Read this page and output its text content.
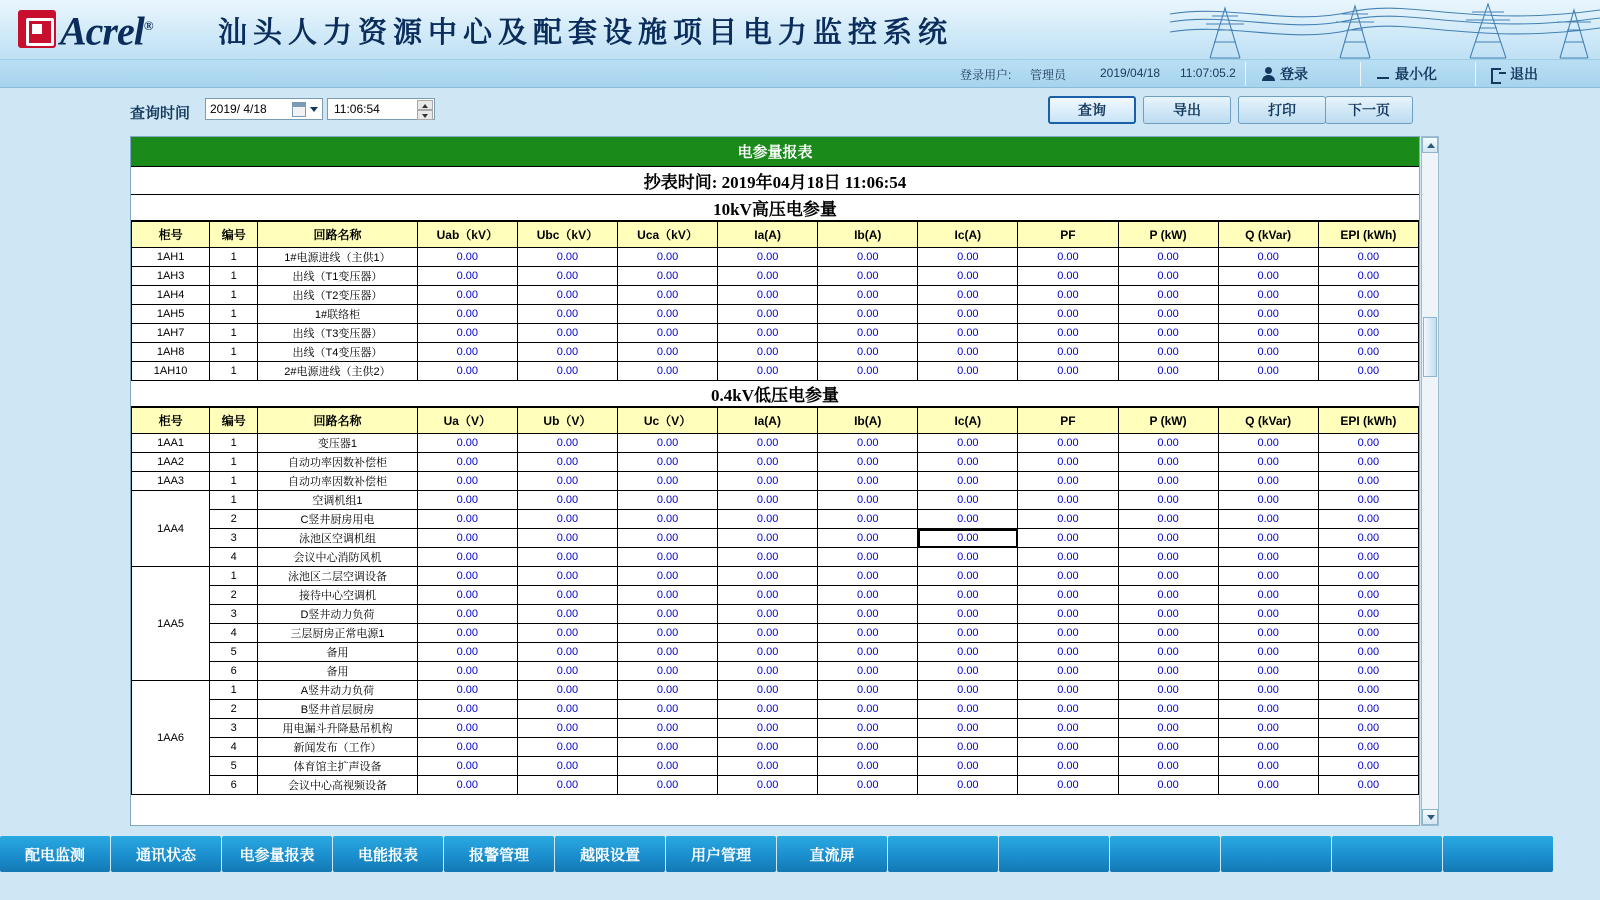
Acrel® 汕头人力资源中心及配套设施项目电力监控系统
登录用户: 管理员	2019/04/18 11:07:05.2	登录	最小化	退出
查询时间 2019/ 4/18	11:06:54	查询	导出	打印	下一页
电参量报表
抄表时间: 2019年04月18日 11:06:54
10kV高压电参量
柜号	编号	回路名称	Uab（kV）	Ubc（kV）	Uca（kV）	Ia(A)	Ib(A)	Ic(A)	PF	P (kW)	Q (kVar)	EPI (kWh)
1AH1	1	1#电源进线（主供1）	0.00	0.00	0.00	0.00	0.00	0.00	0.00	0.00	0.00	0.00
1AH3	1	出线（T1变压器）	0.00	0.00	0.00	0.00	0.00	0.00	0.00	0.00	0.00	0.00
1AH4	1	出线（T2变压器）	0.00	0.00	0.00	0.00	0.00	0.00	0.00	0.00	0.00	0.00
1AH5	1	1#联络柜	0.00	0.00	0.00	0.00	0.00	0.00	0.00	0.00	0.00	0.00
1AH7	1	出线（T3变压器）	0.00	0.00	0.00	0.00	0.00	0.00	0.00	0.00	0.00	0.00
1AH8	1	出线（T4变压器）	0.00	0.00	0.00	0.00	0.00	0.00	0.00	0.00	0.00	0.00
1AH10	1	2#电源进线（主供2）	0.00	0.00	0.00	0.00	0.00	0.00	0.00	0.00	0.00	0.00
0.4kV低压电参量
柜号	编号	回路名称	Ua（V）	Ub（V）	Uc（V）	Ia(A)	Ib(A)	Ic(A)	PF	P (kW)	Q (kVar)	EPI (kWh)
1AA1	1	变压器1	0.00	0.00	0.00	0.00	0.00	0.00	0.00	0.00	0.00	0.00
1AA2	1	自动功率因数补偿柜	0.00	0.00	0.00	0.00	0.00	0.00	0.00	0.00	0.00	0.00
1AA3	1	自动功率因数补偿柜	0.00	0.00	0.00	0.00	0.00	0.00	0.00	0.00	0.00	0.00
1AA4	1	空调机组1	0.00	0.00	0.00	0.00	0.00	0.00	0.00	0.00	0.00	0.00
	2	C竖井厨房用电	0.00	0.00	0.00	0.00	0.00	0.00	0.00	0.00	0.00	0.00
	3	泳池区空调机组	0.00	0.00	0.00	0.00	0.00	0.00	0.00	0.00	0.00	0.00
	4	会议中心消防风机	0.00	0.00	0.00	0.00	0.00	0.00	0.00	0.00	0.00	0.00
1AA5	1	泳池区二层空调设备	0.00	0.00	0.00	0.00	0.00	0.00	0.00	0.00	0.00	0.00
	2	接待中心空调机	0.00	0.00	0.00	0.00	0.00	0.00	0.00	0.00	0.00	0.00
	3	D竖井动力负荷	0.00	0.00	0.00	0.00	0.00	0.00	0.00	0.00	0.00	0.00
	4	三层厨房正常电源1	0.00	0.00	0.00	0.00	0.00	0.00	0.00	0.00	0.00	0.00
	5	备用	0.00	0.00	0.00	0.00	0.00	0.00	0.00	0.00	0.00	0.00
	6	备用	0.00	0.00	0.00	0.00	0.00	0.00	0.00	0.00	0.00	0.00
1AA6	1	A竖井动力负荷	0.00	0.00	0.00	0.00	0.00	0.00	0.00	0.00	0.00	0.00
	2	B竖井首层厨房	0.00	0.00	0.00	0.00	0.00	0.00	0.00	0.00	0.00	0.00
	3	用电漏斗升降悬吊机构	0.00	0.00	0.00	0.00	0.00	0.00	0.00	0.00	0.00	0.00
	4	新闻发布（工作）	0.00	0.00	0.00	0.00	0.00	0.00	0.00	0.00	0.00	0.00
	5	体育馆主扩声设备	0.00	0.00	0.00	0.00	0.00	0.00	0.00	0.00	0.00	0.00
	6	会议中心高视频设备	0.00	0.00	0.00	0.00	0.00	0.00	0.00	0.00	0.00	0.00
配电监测	通讯状态	电参量报表	电能报表	报警管理	越限设置	用户管理	直流屏
